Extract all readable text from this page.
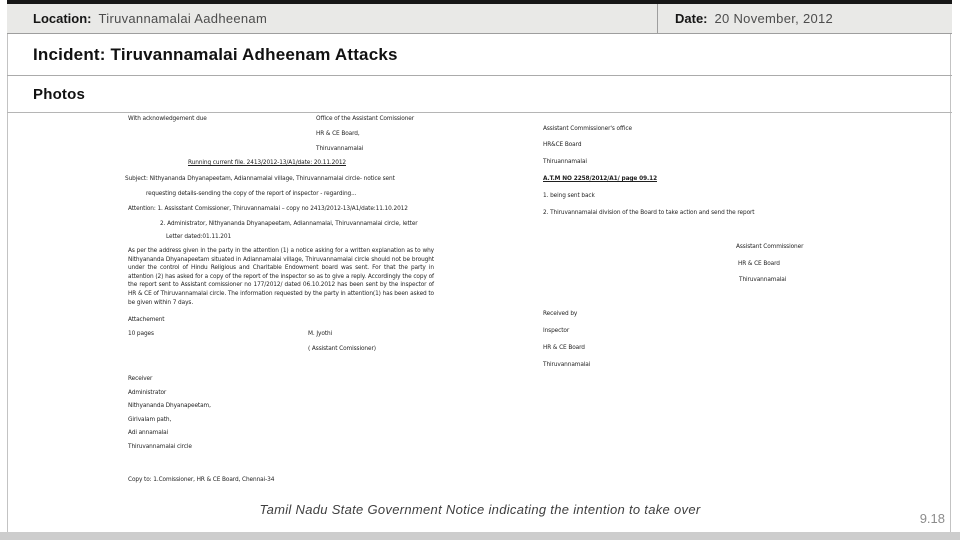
Location: Tiruvannamalai Aadheenam	Date: 20 November, 2012
Incident: Tiruvannamalai Adheenam Attacks
Photos
With acknowledgement due	Office of the Assistant Comissioner
HR & CE Board,
Thiruvannamalai
Running current file. 2413/2012-13/A1/date: 20.11.2012
Subject: Nithyananda Dhyanapeetam, Adiannamalai village, Thiruvannamalai circle- notice sent
requesting details-sending the copy of the report of inspector - regarding...
Attention: 1. Assisstant Comissioner, Thiruvannamalai – copy no 2413/2012-13/A1/date:11.10.2012
2. Administrator, Nithyananda Dhyanapeetam, Adiannamalai, Thiruvannamalai circle, letter
Letter dated:01.11.201
As per the address given in the party in the attention (1) a notice asking for a written explanation as to why Nithyananda Dhyanapeetam situated in Adiannamalai village, Thiruvannamalai circle should not be brought under the control of Hindu Religious and Charitable Endowment board was sent. For that the party in attention (2) has asked for a copy of the report of the inspector so as to give a reply. Accordingly the copy of the report sent to Assistant comissioner no 177/2012/ dated 06.10.2012 has been sent by the inspector of HR & CE of Thiruvannamalai circle. The information requested by the party in attention(1) has been asked to be given within 7 days.
Attachement
10 pages	M. Jyothi
( Assistant Comissioner)
Receiver
Administrator
Nithyananda Dhyanapeetam,
Girivalam path,
Adi annamalai
Thiruvannamalai circle
Copy to: 1.Comissioner, HR & CE Board, Chennai-34
Assistant Commissioner's office
HR&CE Board
Thiruannamalai
A.T.M NO 2258/2012/A1/ page 09.12
1. being sent back
2. Thiruvannamalai division of the Board to take action and send the report
Assistant Commissioner
HR & CE Board
Thiruvannamalai
Received by
Inspector
HR & CE Board
Thiruvannamalai
Tamil Nadu State Government Notice indicating the intention to take over
9.18
